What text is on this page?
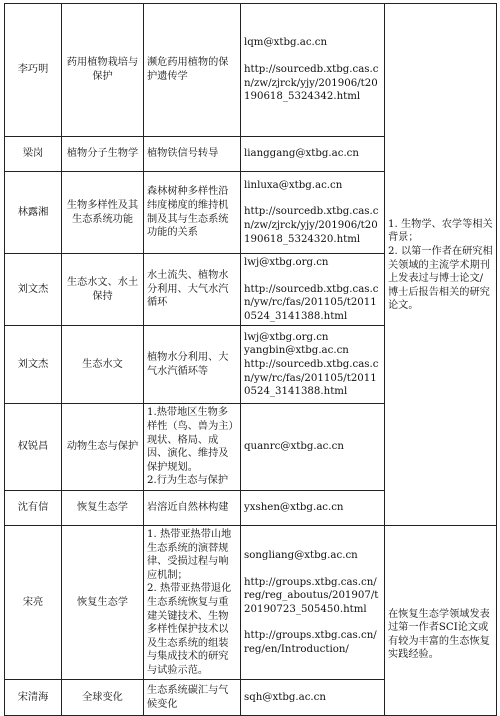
李巧明	药用植物栽培与保护	濒危药用植物的保护遗传学	lqm@xtbg.ac.cn
http://sourcedb.xtbg.cas.cn/zw/zjrck/yjy/201906/t20190618_5324342.html	1. 生物学、农学等相关背景；
2. 以第一作者在研究相关领域的主流学术期刊上发表过与博士论文/博士后报告相关的研究论文。
梁岗	植物分子生物学	植物铁信号转导	lianggang@xtbg.ac.cn	

林露湘	生物多样性及其生态系统功能	森林树种多样性沿纬度梯度的维持机制及其与生态系统功能的关系	linluxa@xtbg.ac.cn
http://sourcedb.xtbg.cas.cn/zw/zjrck/yjy/201906/t20190618_5324320.html	

刘文杰	生态水文、水土保持	水土流失、植物水分利用、大气水汽循环	lwj@xtbg.org.cn
http://sourcedb.xtbg.cas.cn/yw/rc/fas/201105/t20110524_3141388.html	

刘文杰	生态水文	植物水分利用、大气水汽循环等	lwj@xtbg.org.cn
yangbin@xtbg.ac.cn
http://sourcedb.xtbg.cas.cn/yw/rc/fas/201105/t20110524_3141388.html	

权锐昌	动物生态与保护	1.热带地区生物多样性（鸟、兽为主）现状、格局、成因、演化、维持及保护规划。
2.行为生态与保护	quanrc@xtbg.ac.cn	

沈有信	恢复生态学	岩溶近自然林构建	yxshen@xtbg.ac.cn	

宋亮	恢复生态学	1. 热带亚热带山地生态系统的演替规律、受损过程与响应机制；
2. 热带亚热带退化生态系统恢复与重建关键技术、生物多样性保护技术以及生态系统的组装与集成技术的研究与试验示范。	songliang@xtbg.ac.cn
http://groups.xtbg.cas.cn/reg/reg_aboutus/201907/t20190723_505450.html
http://groups.xtbg.cas.cn/reg/en/Introduction/	在恢复生态学领域发表过第一作者SCI论文或有较为丰富的生态恢复实践经验。
宋清海	全球变化	生态系统碳汇与气候变化	sqh@xtbg.ac.cn	
